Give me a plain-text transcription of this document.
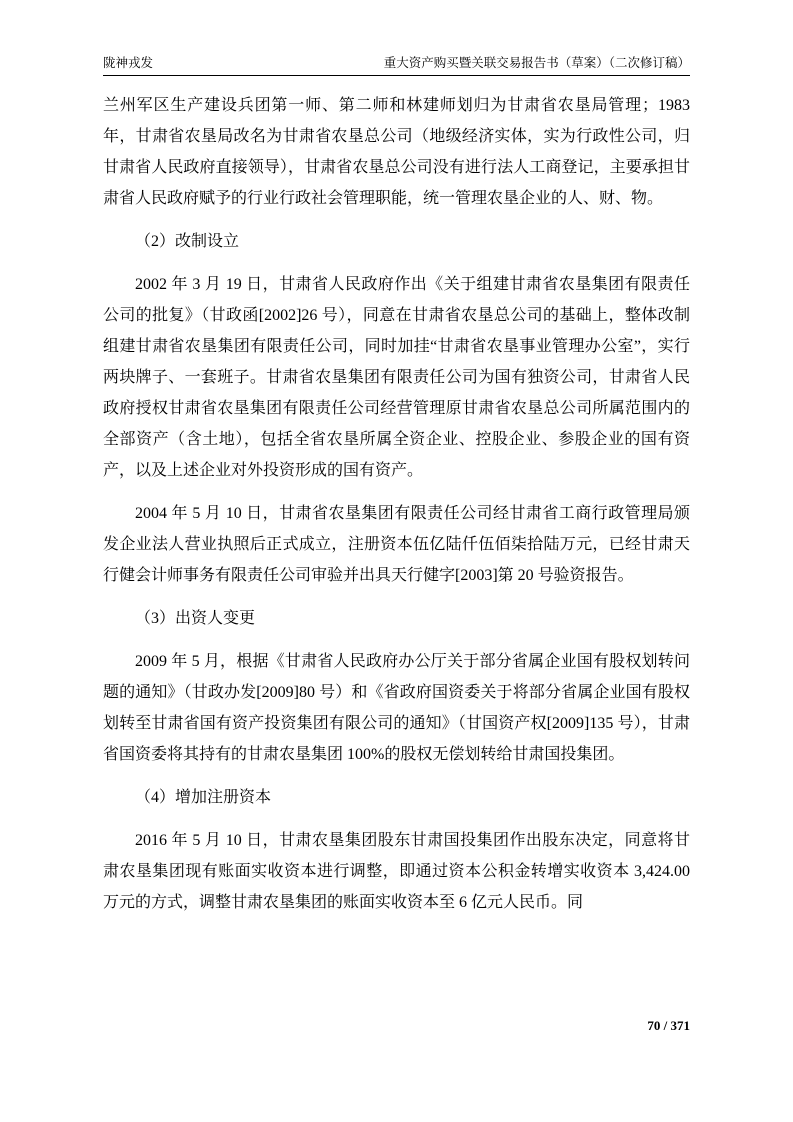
陇神戎发	重大资产购买暨关联交易报告书（草案）（二次修订稿）

兰州军区生产建设兵团第一师、第二师和林建师划归为甘肃省农垦局管理；1983 年，甘肃省农垦局改名为甘肃省农垦总公司（地级经济实体，实为行政性公司，归甘肃省人民政府直接领导），甘肃省农垦总公司没有进行法人工商登记，主要承担甘肃省人民政府赋予的行业行政社会管理职能，统一管理农垦企业的人、财、物。

（2）改制设立

2002 年 3 月 19 日，甘肃省人民政府作出《关于组建甘肃省农垦集团有限责任公司的批复》（甘政函[2002]26 号），同意在甘肃省农垦总公司的基础上，整体改制组建甘肃省农垦集团有限责任公司，同时加挂“甘肃省农垦事业管理办公室”，实行两块牌子、一套班子。甘肃省农垦集团有限责任公司为国有独资公司，甘肃省人民政府授权甘肃省农垦集团有限责任公司经营管理原甘肃省农垦总公司所属范围内的全部资产（含土地），包括全省农垦所属全资企业、控股企业、参股企业的国有资产，以及上述企业对外投资形成的国有资产。

2004 年 5 月 10 日，甘肃省农垦集团有限责任公司经甘肃省工商行政管理局颁发企业法人营业执照后正式成立，注册资本伍亿陆仟伍佰柒拾陆万元，已经甘肃天行健会计师事务有限责任公司审验并出具天行健字[2003]第 20 号验资报告。

（3）出资人变更

2009 年 5 月，根据《甘肃省人民政府办公厅关于部分省属企业国有股权划转问题的通知》（甘政办发[2009]80 号）和《省政府国资委关于将部分省属企业国有股权划转至甘肃省国有资产投资集团有限公司的通知》（甘国资产权[2009]135 号），甘肃省国资委将其持有的甘肃农垦集团 100%的股权无偿划转给甘肃国投集团。

（4）增加注册资本

2016 年 5 月 10 日，甘肃农垦集团股东甘肃国投集团作出股东决定，同意将甘肃农垦集团现有账面实收资本进行调整，即通过资本公积金转增实收资本 3,424.00 万元的方式，调整甘肃农垦集团的账面实收资本至 6 亿元人民币。同

70 / 371
